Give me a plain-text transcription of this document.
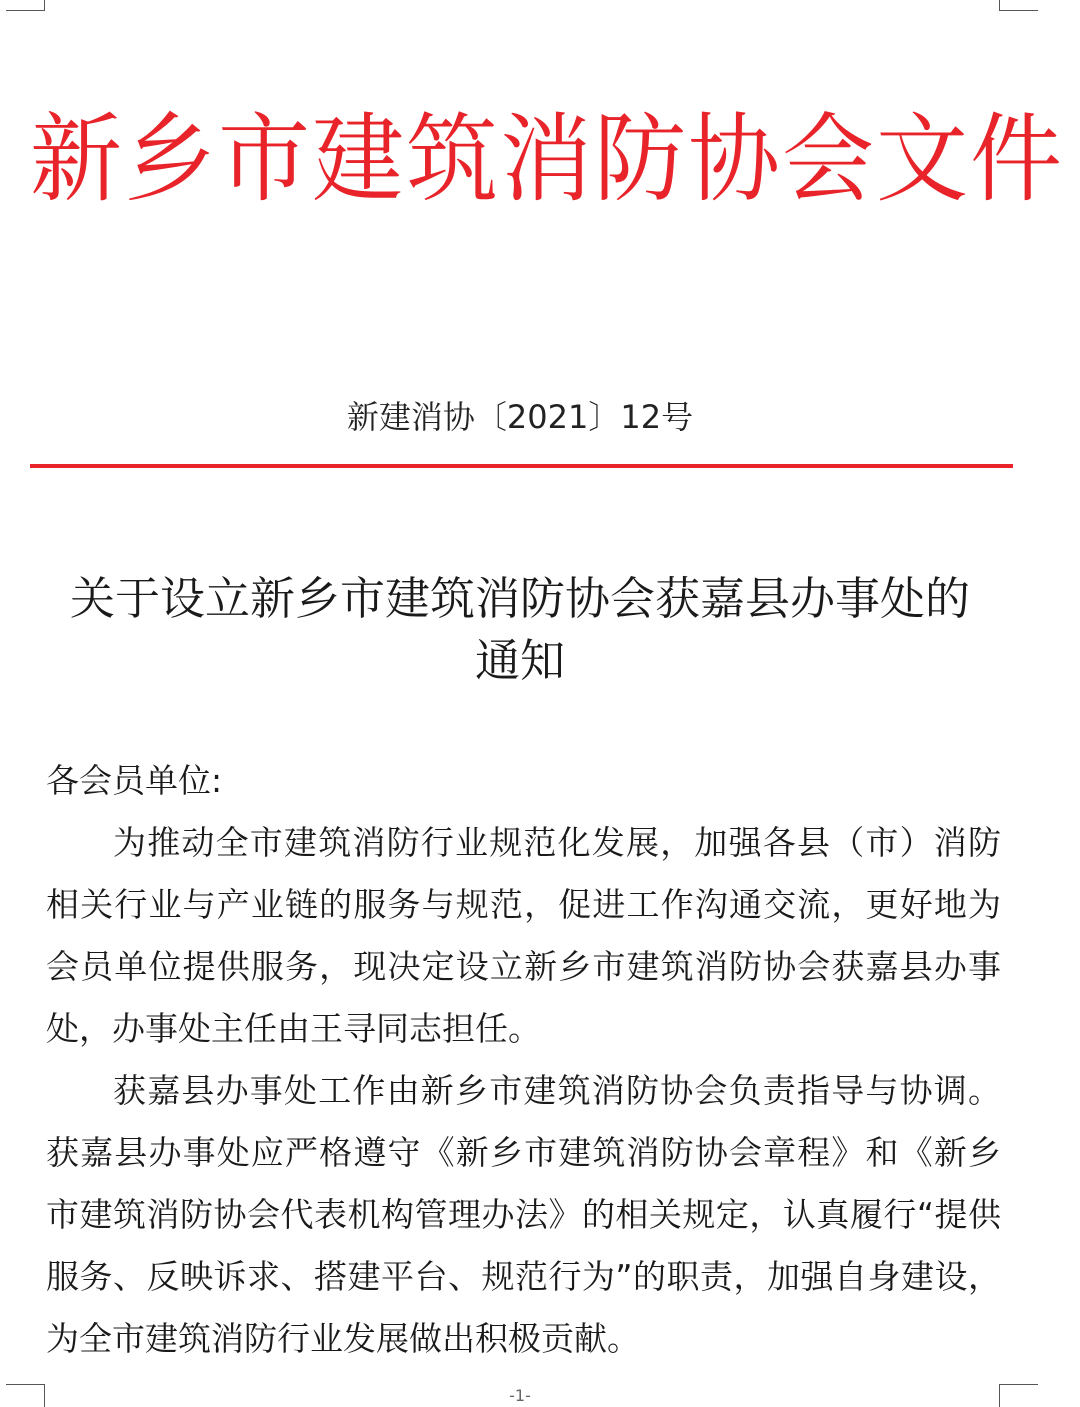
新乡市建筑消防协会文件
新建消协〔2021〕12号
关于设立新乡市建筑消防协会获嘉县办事处的
通知
各会员单位:
为推动全市建筑消防行业规范化发展，加强各县（市）消防相关行业与产业链的服务与规范，促进工作沟通交流，更好地为会员单位提供服务，现决定设立新乡市建筑消防协会获嘉县办事处，办事处主任由王寻同志担任。
获嘉县办事处工作由新乡市建筑消防协会负责指导与协调。获嘉县办事处应严格遵守《新乡市建筑消防协会章程》和《新乡市建筑消防协会代表机构管理办法》的相关规定，认真履行“提供服务、反映诉求、搭建平台、规范行为”的职责，加强自身建设，为全市建筑消防行业发展做出积极贡献。
-1-
